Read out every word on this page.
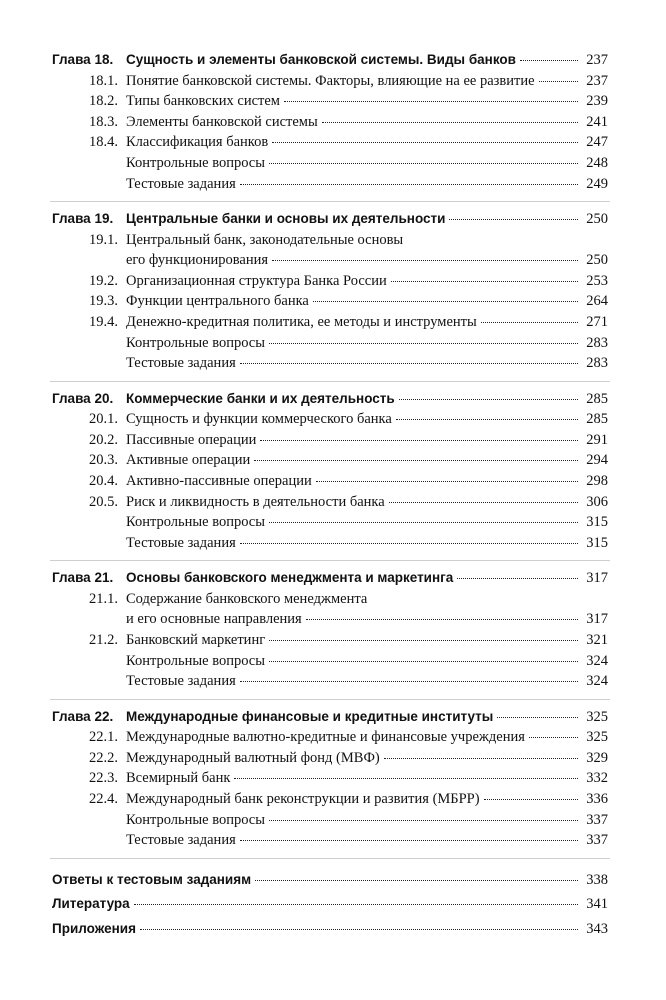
Глава 18. Сущность и элементы банковской системы. Виды банков	237
18.1. Понятие банковской системы. Факторы, влияющие на ее развитие	237
18.2. Типы банковских систем	239
18.3. Элементы банковской системы	241
18.4. Классификация банков	247
Контрольные вопросы	248
Тестовые задания	249
Глава 19. Центральные банки и основы их деятельности	250
19.1. Центральный банк, законодательные основы
его функционирования	250
19.2. Организационная структура Банка России	253
19.3. Функции центрального банка	264
19.4. Денежно-кредитная политика, ее методы и инструменты	271
Контрольные вопросы	283
Тестовые задания	283
Глава 20. Коммерческие банки и их деятельность	285
20.1. Сущность и функции коммерческого банка	285
20.2. Пассивные операции	291
20.3. Активные операции	294
20.4. Активно-пассивные операции	298
20.5. Риск и ликвидность в деятельности банка	306
Контрольные вопросы	315
Тестовые задания	315
Глава 21. Основы банковского менеджмента и маркетинга	317
21.1. Содержание банковского менеджмента
и его основные направления	317
21.2. Банковский маркетинг	321
Контрольные вопросы	324
Тестовые задания	324
Глава 22. Международные финансовые и кредитные институты	325
22.1. Международные валютно-кредитные и финансовые учреждения	325
22.2. Международный валютный фонд (МВФ)	329
22.3. Всемирный банк	332
22.4. Международный банк реконструкции и развития (МБРР)	336
Контрольные вопросы	337
Тестовые задания	337
Ответы к тестовым заданиям	338
Литература	341
Приложения	343
